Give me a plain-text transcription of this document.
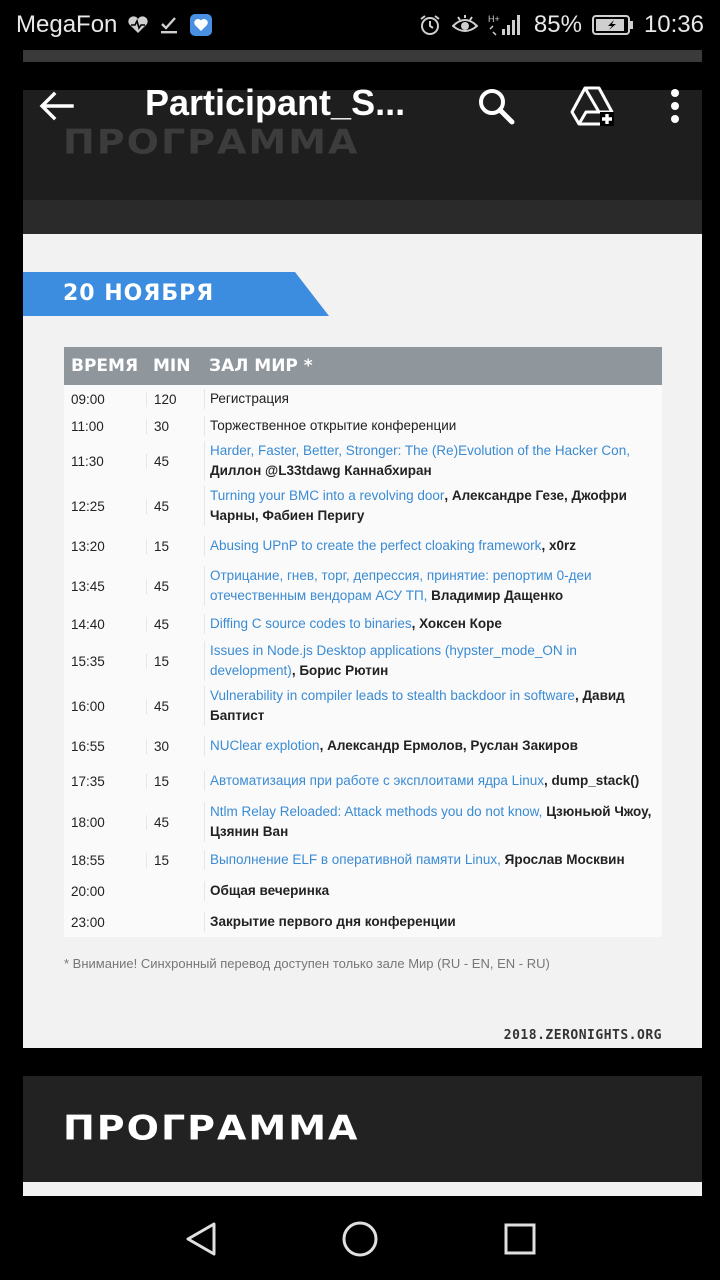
MegaFon	H+ 85%	10:36
ПРОГРАММА
20 НОЯБРЯ
ВРЕМЯ MIN	ЗАЛ МИР *
09:00	120	Регистрация
11:00	30	Торжественное открытие конференции
11:30	45
Harder, Faster, Better, Stronger: The (Re)Evolution of the Hacker Con, Диллон @L33tdawg Каннабхиран
12:25	45
Turning your BMC into a revolving door, Александре Гезе, Джофри Чарны, Фабиен Перигу
13:20	15	Abusing UPnP to create the perfect cloaking framework, x0rz
13:45	45
Отрицание, гнев, торг, депрессия, принятие: репортим 0-деи отечественным вендорам АСУ ТП, Владимир Дащенко
14:40	45	Diffing C source codes to binaries, Хоксен Коре
15:35	15
Issues in Node.js Desktop applications (hypster_mode_ON in development), Борис Рютин
16:00	45
Vulnerability in compiler leads to stealth backdoor in software, Давид Баптист
16:55	30	NUClear explotion, Александр Ермолов, Руслан Закиров
17:35	15	Автоматизация при работе с эксплоитами ядра Linux, dump_stack()
18:00	45
Ntlm Relay Reloaded: Attack methods you do not know, Цзюньюй Чжоу, Цзянин Ван
18:55	15	Выполнение ELF в оперативной памяти Linux, Ярослав Москвин
20:00	Общая вечеринка
23:00	Закрытие первого дня конференции
* Внимание! Синхронный перевод доступен только зале Мир (RU - EN, EN - RU)
2018.ZERONIGHTS.ORG
ПРОГРАММА
Participant_S...
